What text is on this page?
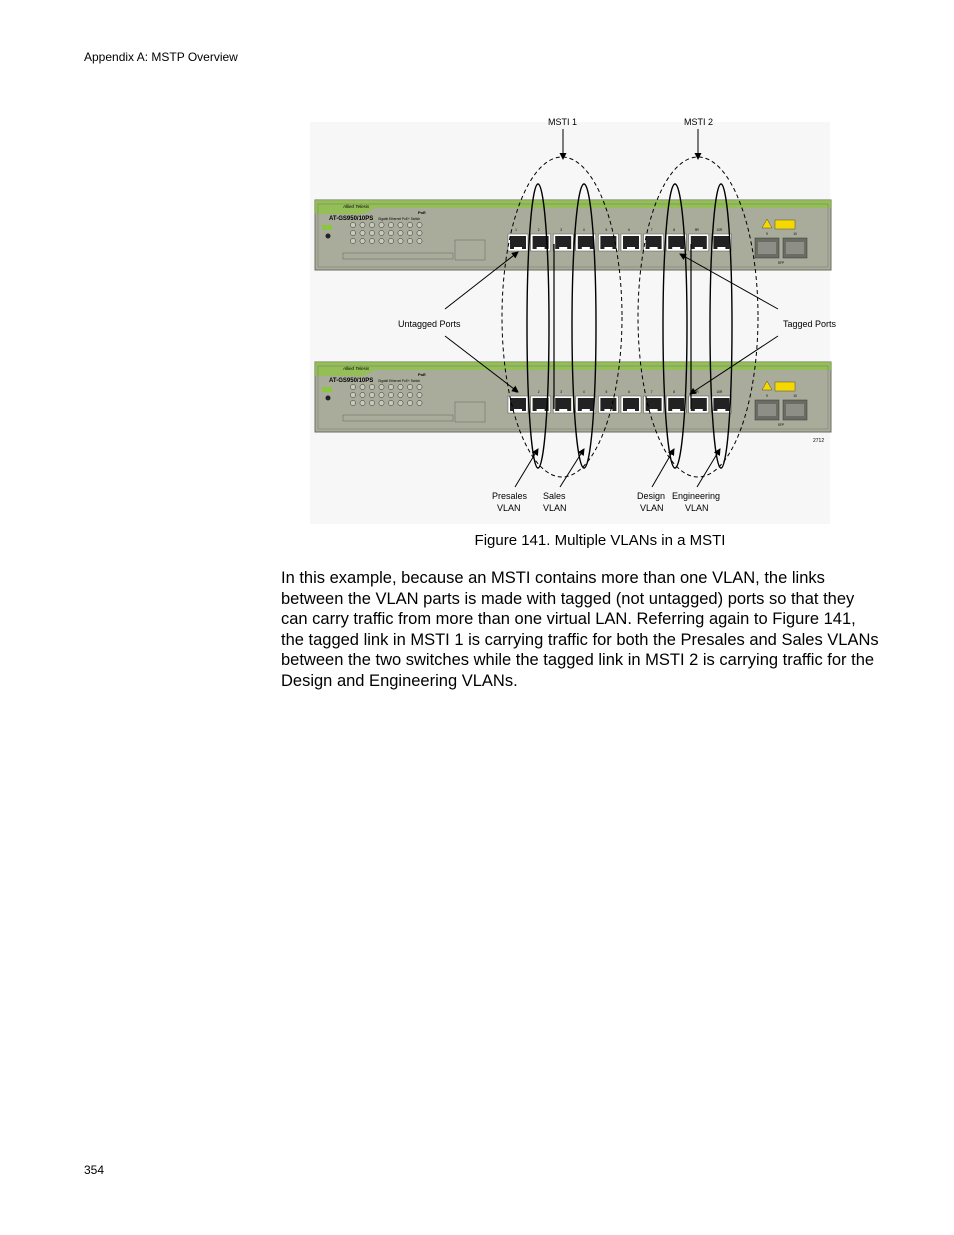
Appendix A: MSTP Overview
Allied Telesis
AT-GS950/10PS Gigabit Ethernet PoE+ Switch
PoE
1	2	3	4	5	6	7	8	9R	10R
9	10
SFP
Allied Telesis
AT-GS950/10PS Gigabit Ethernet PoE+ Switch
PoE
1	2	3	4	5	6	7	8	9R	10R
9	10
SFP
2712
MSTI 1	MSTI 2
Untagged Ports	Tagged Ports
Presales
VLAN
Sales
VLAN
Design
VLAN
Engineering
VLAN
Figure 141. Multiple VLANs in a MSTI
In this example, because an MSTI contains more than one VLAN, the links between the VLAN parts is made with tagged (not untagged) ports so that they can carry traffic from more than one virtual LAN. Referring again to Figure 141, the tagged link in MSTI 1 is carrying traffic for both the Presales and Sales VLANs between the two switches while the tagged link in MSTI 2 is carrying traffic for the Design and Engineering VLANs.
354
